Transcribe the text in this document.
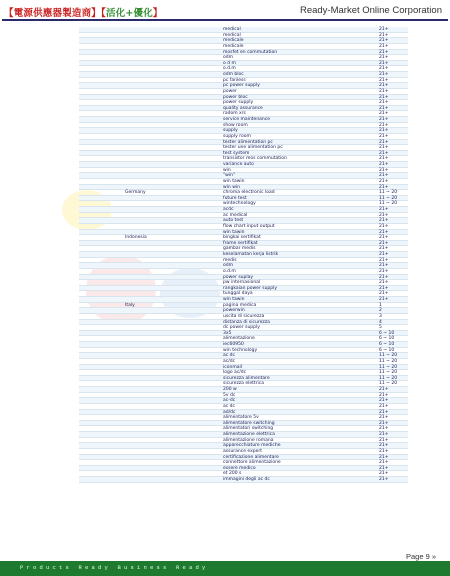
【電源供應器製造商】【活化+優化】	Ready-Market Online Corporation
medical	21+
medical	21+
medicale	21+
medicale	21+
mosfet en commutation	21+
odm	21+
o d m	21+
o.d.m	21+
odm bloc	21+
pc fanless	21+
pc power supply	21+
power	21+
power bloc	21+
power supply	21+
quality assurance	21+
radom xrs	21+
service maintenance	21+
show room	21+
supply	21+
supply room	21+
tester alimentation pc	21+
tester une alimentation pc	21+
test system	21+
transistor mos commutation	21+
variance auto	21+
win	21+
"win"	21+
win tawin	21+
win win	21+
Germany	chroma electronic load	11 ~ 20
future test	11 ~ 20
wintechnology	11 ~ 20
acdc	21+
ac medical	21+
auto test	21+
flow chart input output	21+
win tawin	21+
Indonesia	bingkai sertifikat	21+
frame sertifikat	21+
gambar medis	21+
keselamatan kerja listrik	21+
medis	21+
odm	21+
o.d.m	21+
power suplay	21+
pw internasional	21+
rangkaian power supply	21+
tunggal daya	21+
win tawin	21+
Italy	pagina medica	1
powerwin	2
uscita di sicurezza	3
distanza di sicurezza	4
dc power supply	5
3x5	6 ~ 10
alimentazione	6 ~ 10
iec60950	6 ~ 10
win technology	6 ~ 10
ac dc	11 ~ 20
ac/dc	11 ~ 20
iconmail	11 ~ 20
logo ac/dc	11 ~ 20
sicurezza alimentare	11 ~ 20
sicurezza elettrica	11 ~ 20
200 w	21+
5v dc	21+
ac-dc	21+
ac dc	21+
ad/dc	21+
alimentatore 5v	21+
alimentatore switching	21+
alimentatori switching	21+
alimentazione elettrica	21+
alimentazione romana	21+
apparecchiature mediche	21+
assurance expert	21+
certificazione alimentare	21+
connettore alimentazione	21+
essere medico	21+
et 200 s	21+
immagini degli ac dc	21+
Page 9 »
Products Ready Business Ready
